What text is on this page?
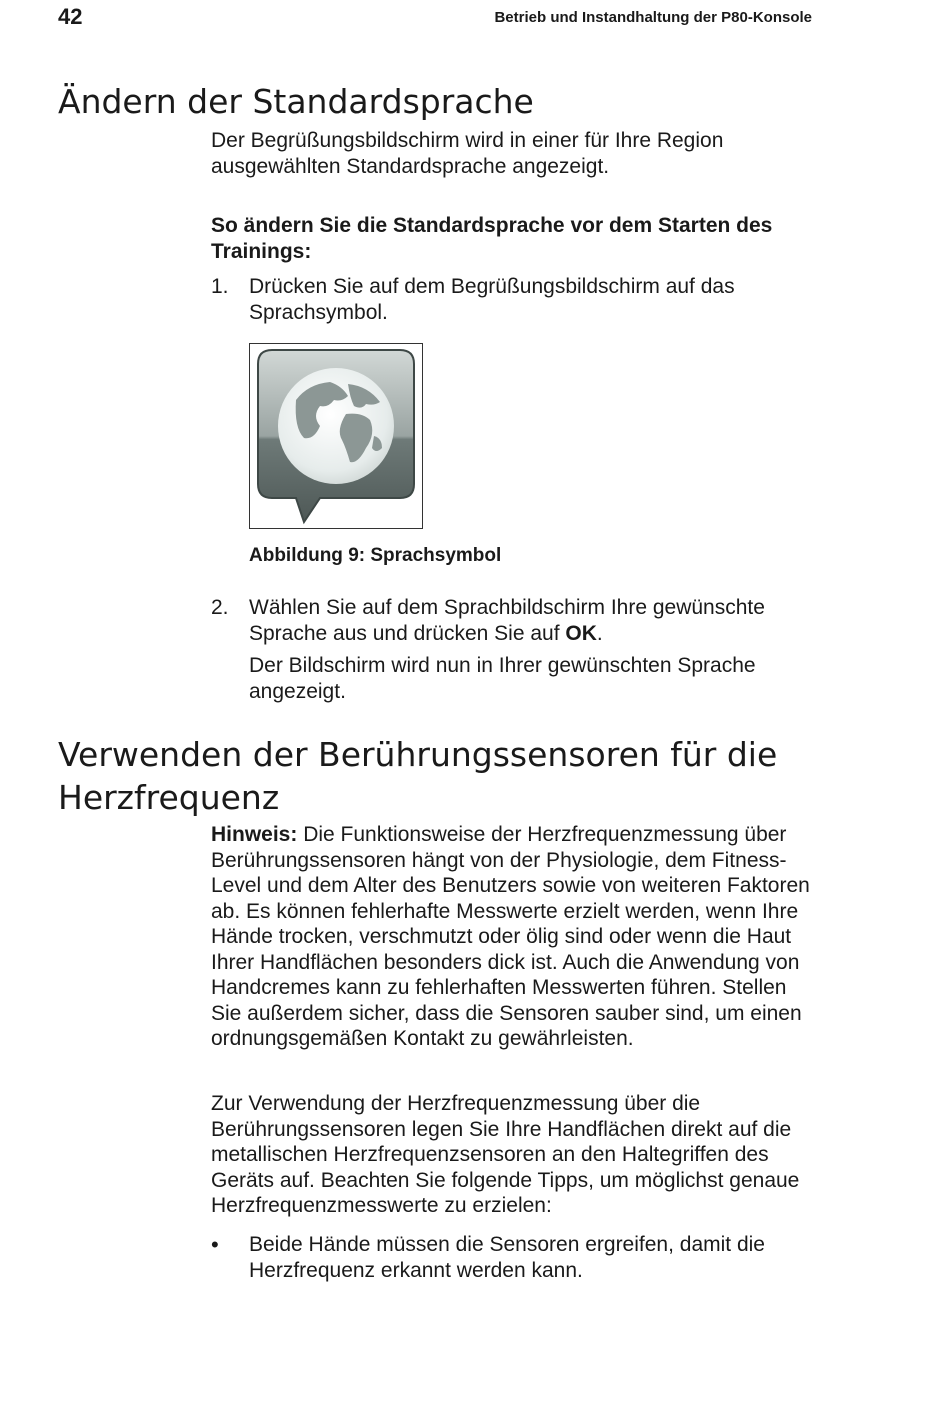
42	Betrieb und Instandhaltung der P80-Konsole
Ändern der Standardsprache

Der Begrüßungsbildschirm wird in einer für Ihre Region ausgewählten Standardsprache angezeigt.

So ändern Sie die Standardsprache vor dem Starten des Trainings:

1. Drücken Sie auf dem Begrüßungsbildschirm auf das Sprachsymbol.
Abbildung 9: Sprachsymbol
2. Wählen Sie auf dem Sprachbildschirm Ihre gewünschte Sprache aus und drücken Sie auf OK.

Der Bildschirm wird nun in Ihrer gewünschten Sprache angezeigt.

Verwenden der Berührungssensoren für die Herzfrequenz

Hinweis: Die Funktionsweise der Herzfrequenzmessung über Berührungssensoren hängt von der Physiologie, dem Fitness-Level und dem Alter des Benutzers sowie von weiteren Faktoren ab. Es können fehlerhafte Messwerte erzielt werden, wenn Ihre Hände trocken, verschmutzt oder ölig sind oder wenn die Haut Ihrer Handflächen besonders dick ist. Auch die Anwendung von Handcremes kann zu fehlerhaften Messwerten führen. Stellen Sie außerdem sicher, dass die Sensoren sauber sind, um einen ordnungsgemäßen Kontakt zu gewährleisten.

Zur Verwendung der Herzfrequenzmessung über die Berührungssensoren legen Sie Ihre Handflächen direkt auf die metallischen Herzfrequenzsensoren an den Haltegriffen des Geräts auf. Beachten Sie folgende Tipps, um möglichst genaue Herzfrequenzmesswerte zu erzielen:

• Beide Hände müssen die Sensoren ergreifen, damit die Herzfrequenz erkannt werden kann.
